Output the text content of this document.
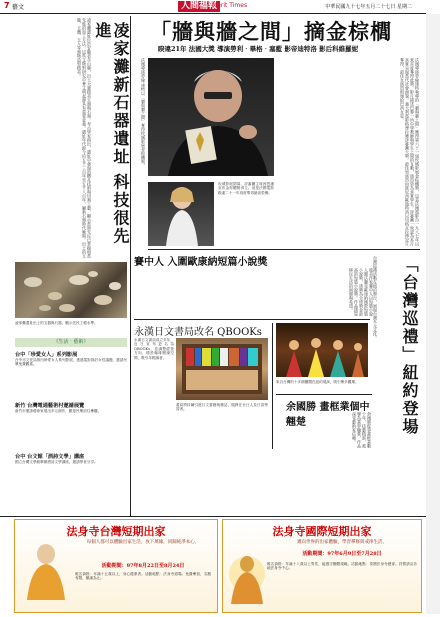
7 藝文	人間福報
Merit Times	中華民國九十七年五月二十七日 星期二
凌家灘遺址位於安徽省含山縣，出土大量精美玉器與石器。考古學家指出，遺址中發現的鑽孔技術與切割工藝，顯示當時先民已掌握相當先進的加工方法。這些文物對研究中華文明起源具有重要意義。遺址年代距今約五千三百年至五千八百年，屬新石器時代晚期。出土的玉龍、玉鷹、玉人等器物造型精美。	凌家灘新石器遺址 科技很先進
凌家灘遺址出土的玉器與石器，顯示先民工藝水準。
《生活‧藝術》
台中「珍愛女人」系列影展
台中市文化局推出珍愛女人系列影展，透過電影探討女性議題，邀請民眾免費觀賞。
新竹 台灣電通藝術村邀請展覽
新竹市邀請藝術家展出多元創作，歡迎民眾前往參觀。
台中 台文館「酒詩文學」講座
國立台灣文學館舉辦酒詩文學講座，邀請學者分享。
「牆與牆之間」摘金棕櫚
睽違21年 法國大獎 導演勞利‧畢格‧塞藍 影帝迪特洛 影后科維羅妮
法國導演勞倫‧康特以「牆與牆之間」奪得坎城影展金棕櫚獎。
坎城影展閉幕，評審團主席西恩潘宣布金棕櫚獎得主。這是法國電影睽違二十一年再度奪得最高榮譽。	法國導演勞倫康特執導的「牆與牆之間」獲得第六十一屆坎城影展金棕櫚獎，這是法國電影自一九八七年以來首度奪得此獎。影片描述巴黎一所中學教師與學生之間的互動，演員皆為真實學生。評審團一致認為本片真實呈現當代社會面貌。義大利電影格摩拉獲評審團大獎。最佳男演員由班尼西歐迪特洛以切格瓦拉傳記片奪得，最佳女演員則頒給巴西女星。
賽中人 入圍歐康納短篇小說獎
旅美作家賽中人以短篇小說入圍法蘭克歐康納國際短篇小說獎，該獎為全球獎金最高的短篇小說獎。作品描寫移民生活的困頓與希望。
永漢日文書局改名 QBOOKs
永漢日文書局成立多年，近日宣布更名為QBOOKs，並調整經營方向，增設咖啡閱讀空間，吸引年輕讀者。
書局將持續引進日文書籍與雜誌，服務在台日人及日語學習者。
來自台灣的十多個團體在紐約展演，吸引眾多觀眾。	「台灣巡禮」紐約登場
台灣巡禮活動在紐約舉行，展現台灣多元文化。
余國勝 畫框業個中翹楚	余國勝從事畫框業數十年，技藝精湛，被譽為業界翹楚，作品深受藝術家信賴。
法身寺台灣短期出家
每個人都可以體驗出家生活，放下萬緣，回歸純淨本心。
活動期間：97年8月22日至8月24日
報名資格：年滿十五歲以上，身心健康者。活動地點：法身寺道場。免費參加，名額有限，額滿為止。
法身寺國際短期出家
邁向世界的出家體驗，學習禪修與戒律生活。
活動期間：97年6月9日至7月28日
報名資格：年滿十八歲以上男性，能遵守團體規範。活動地點：泰國法身寺總部。詳情請洽各地法身寺中心。
